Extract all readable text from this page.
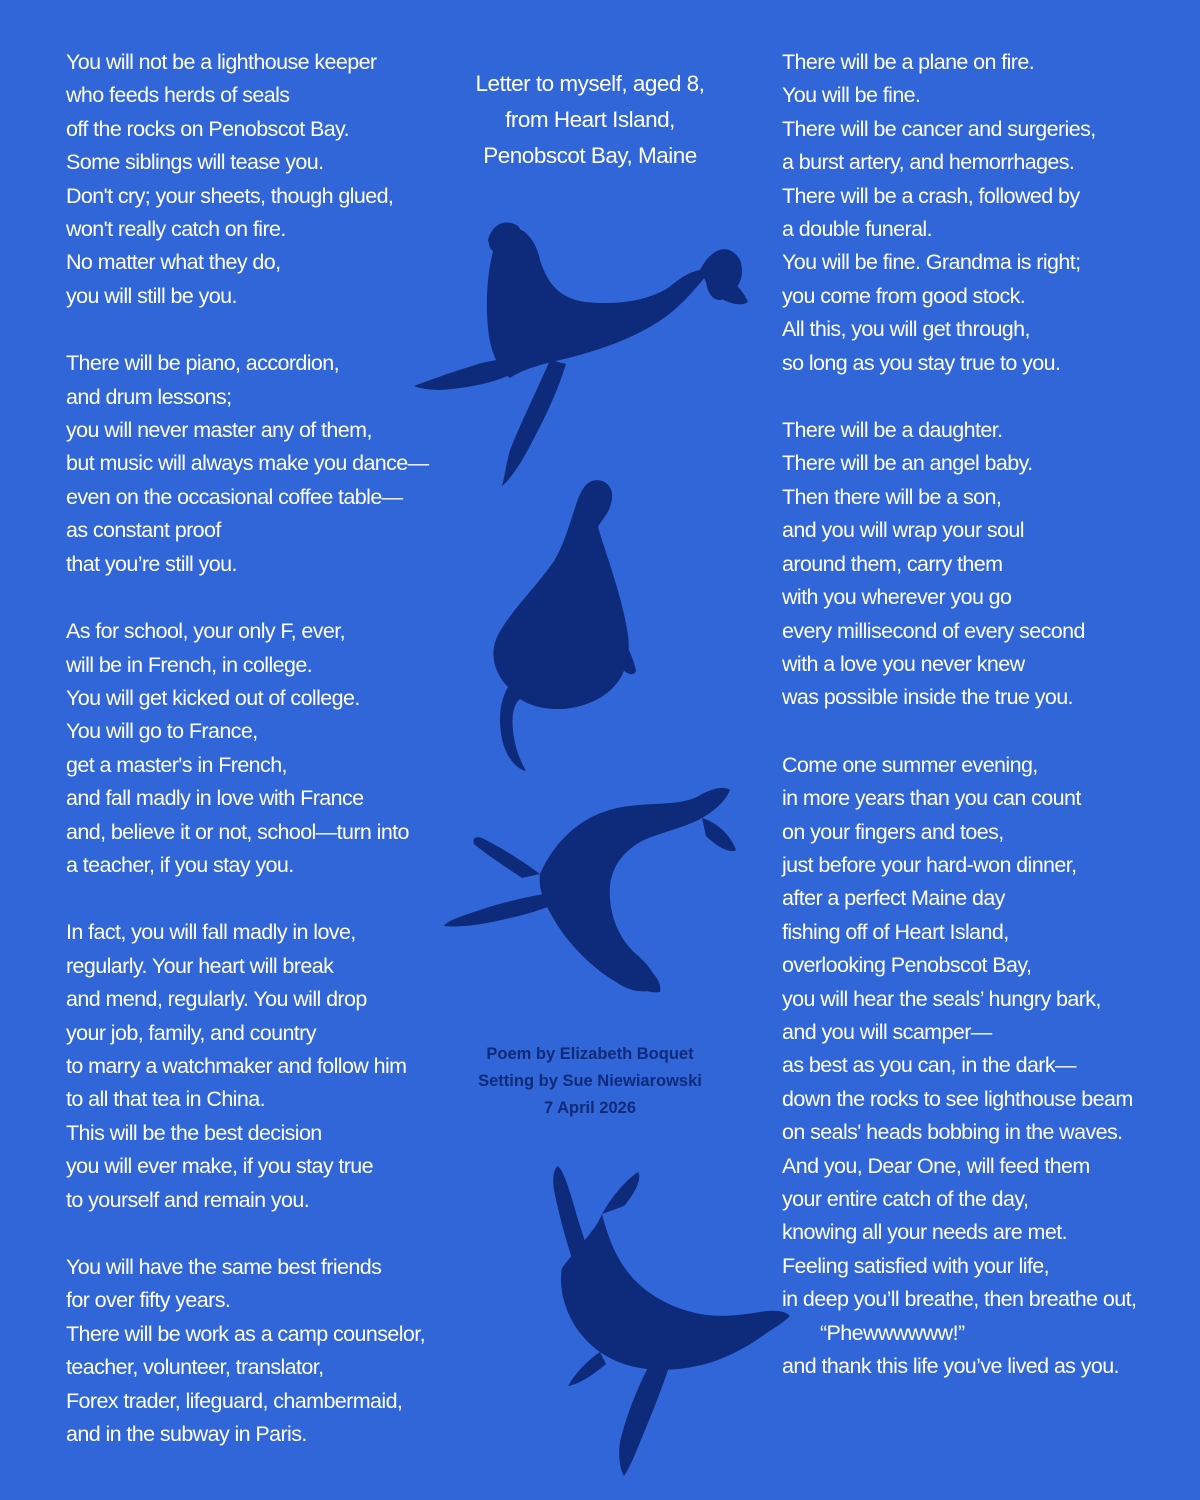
Letter to myself, aged 8,
from Heart Island,
Penobscot Bay, Maine
You will not be a lighthouse keeper
who feeds herds of seals
off the rocks on Penobscot Bay.
Some siblings will tease you.
Don't cry; your sheets, though glued,
won't really catch on fire.
No matter what they do,
you will still be you.
There will be piano, accordion,
and drum lessons;
you will never master any of them,
but music will always make you dance—
even on the occasional coffee table—
as constant proof
that you’re still you.
As for school, your only F, ever,
will be in French, in college.
You will get kicked out of college.
You will go to France,
get a master's in French,
and fall madly in love with France
and, believe it or not, school—turn into
a teacher, if you stay you.
In fact, you will fall madly in love,
regularly. Your heart will break
and mend, regularly. You will drop
your job, family, and country
to marry a watchmaker and follow him
to all that tea in China.
This will be the best decision
you will ever make, if you stay true
to yourself and remain you.
You will have the same best friends
for over fifty years.
There will be work as a camp counselor,
teacher, volunteer, translator,
Forex trader, lifeguard, chambermaid,
and in the subway in Paris.
There will be a plane on fire.
You will be fine.
There will be cancer and surgeries,
a burst artery, and hemorrhages.
There will be a crash, followed by
a double funeral.
You will be fine. Grandma is right;
you come from good stock.
All this, you will get through,
so long as you stay true to you.
There will be a daughter.
There will be an angel baby.
Then there will be a son,
and you will wrap your soul
around them, carry them
with you wherever you go
every millisecond of every second
with a love you never knew
was possible inside the true you.
Come one summer evening,
in more years than you can count
on your fingers and toes,
just before your hard-won dinner,
after a perfect Maine day
fishing off of Heart Island,
overlooking Penobscot Bay,
you will hear the seals’ hungry bark,
and you will scamper—
as best as you can, in the dark—
down the rocks to see lighthouse beam
on seals' heads bobbing in the waves.
And you, Dear One, will feed them
your entire catch of the day,
knowing all your needs are met.
Feeling satisfied with your life,
in deep you’ll breathe, then breathe out,
“Phewwwwww!”
and thank this life you’ve lived as you.
Poem by Elizabeth Boquet
Setting by Sue Niewiarowski
7 April 2026
